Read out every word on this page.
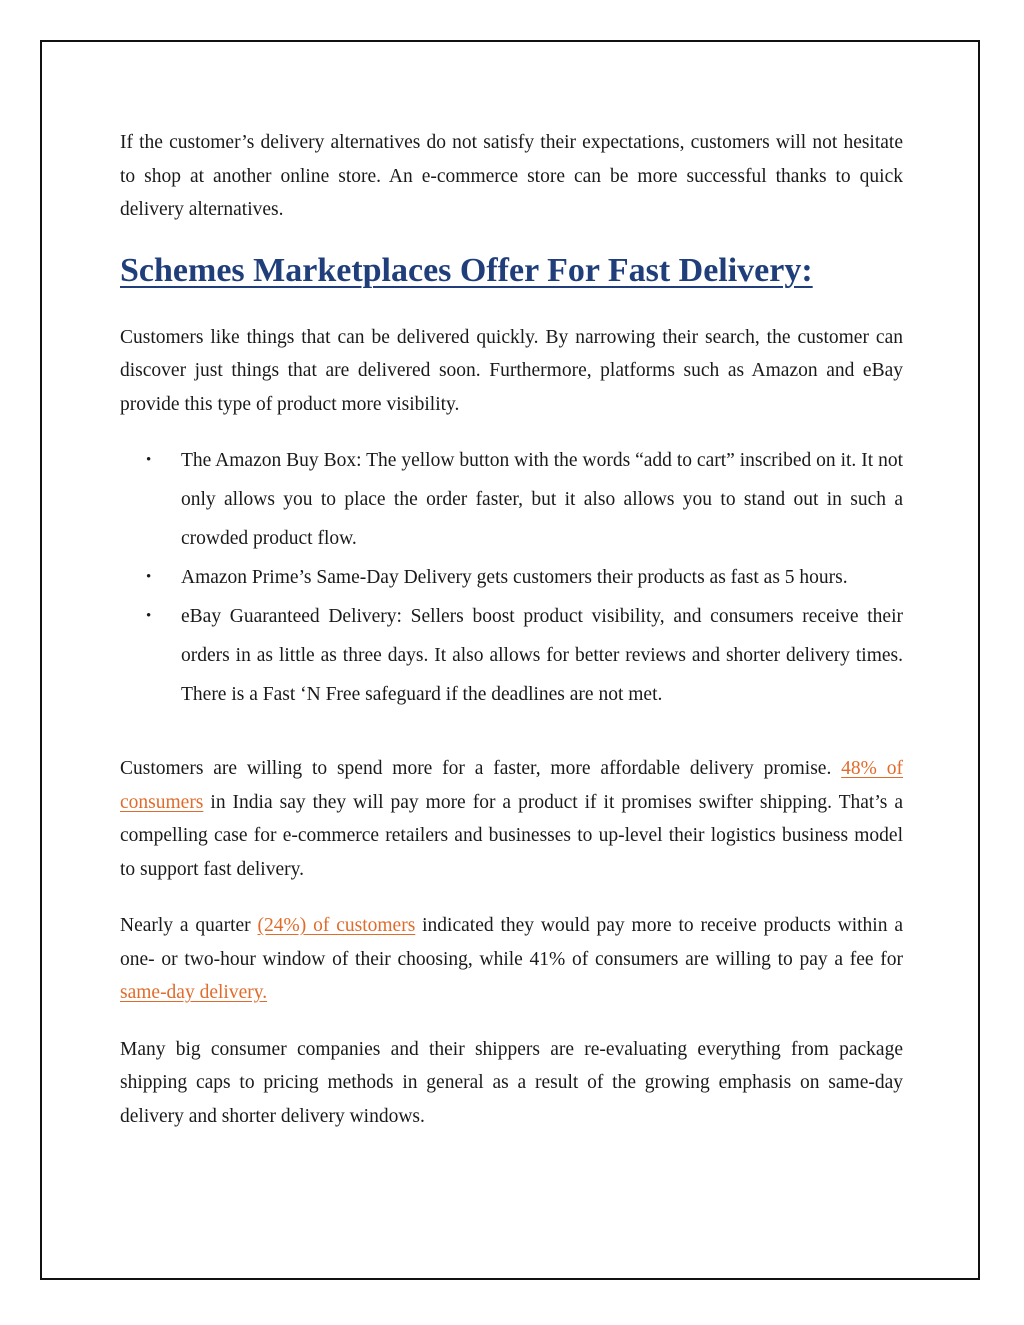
If the customer’s delivery alternatives do not satisfy their expectations, customers will not hesitate to shop at another online store. An e-commerce store can be more successful thanks to quick delivery alternatives.

Schemes Marketplaces Offer For Fast Delivery:

Customers like things that can be delivered quickly. By narrowing their search, the customer can discover just things that are delivered soon. Furthermore, platforms such as Amazon and eBay provide this type of product more visibility.

• The Amazon Buy Box: The yellow button with the words “add to cart” inscribed on it. It not only allows you to place the order faster, but it also allows you to stand out in such a crowded product flow.
• Amazon Prime’s Same-Day Delivery gets customers their products as fast as 5 hours.
• eBay Guaranteed Delivery: Sellers boost product visibility, and consumers receive their orders in as little as three days. It also allows for better reviews and shorter delivery times. There is a Fast ‘N Free safeguard if the deadlines are not met.

Customers are willing to spend more for a faster, more affordable delivery promise. 48% of consumers in India say they will pay more for a product if it promises swifter shipping. That’s a compelling case for e-commerce retailers and businesses to up-level their logistics business model to support fast delivery.

Nearly a quarter (24%) of customers indicated they would pay more to receive products within a one- or two-hour window of their choosing, while 41% of consumers are willing to pay a fee for same-day delivery.

Many big consumer companies and their shippers are re-evaluating everything from package shipping caps to pricing methods in general as a result of the growing emphasis on same-day delivery and shorter delivery windows.
